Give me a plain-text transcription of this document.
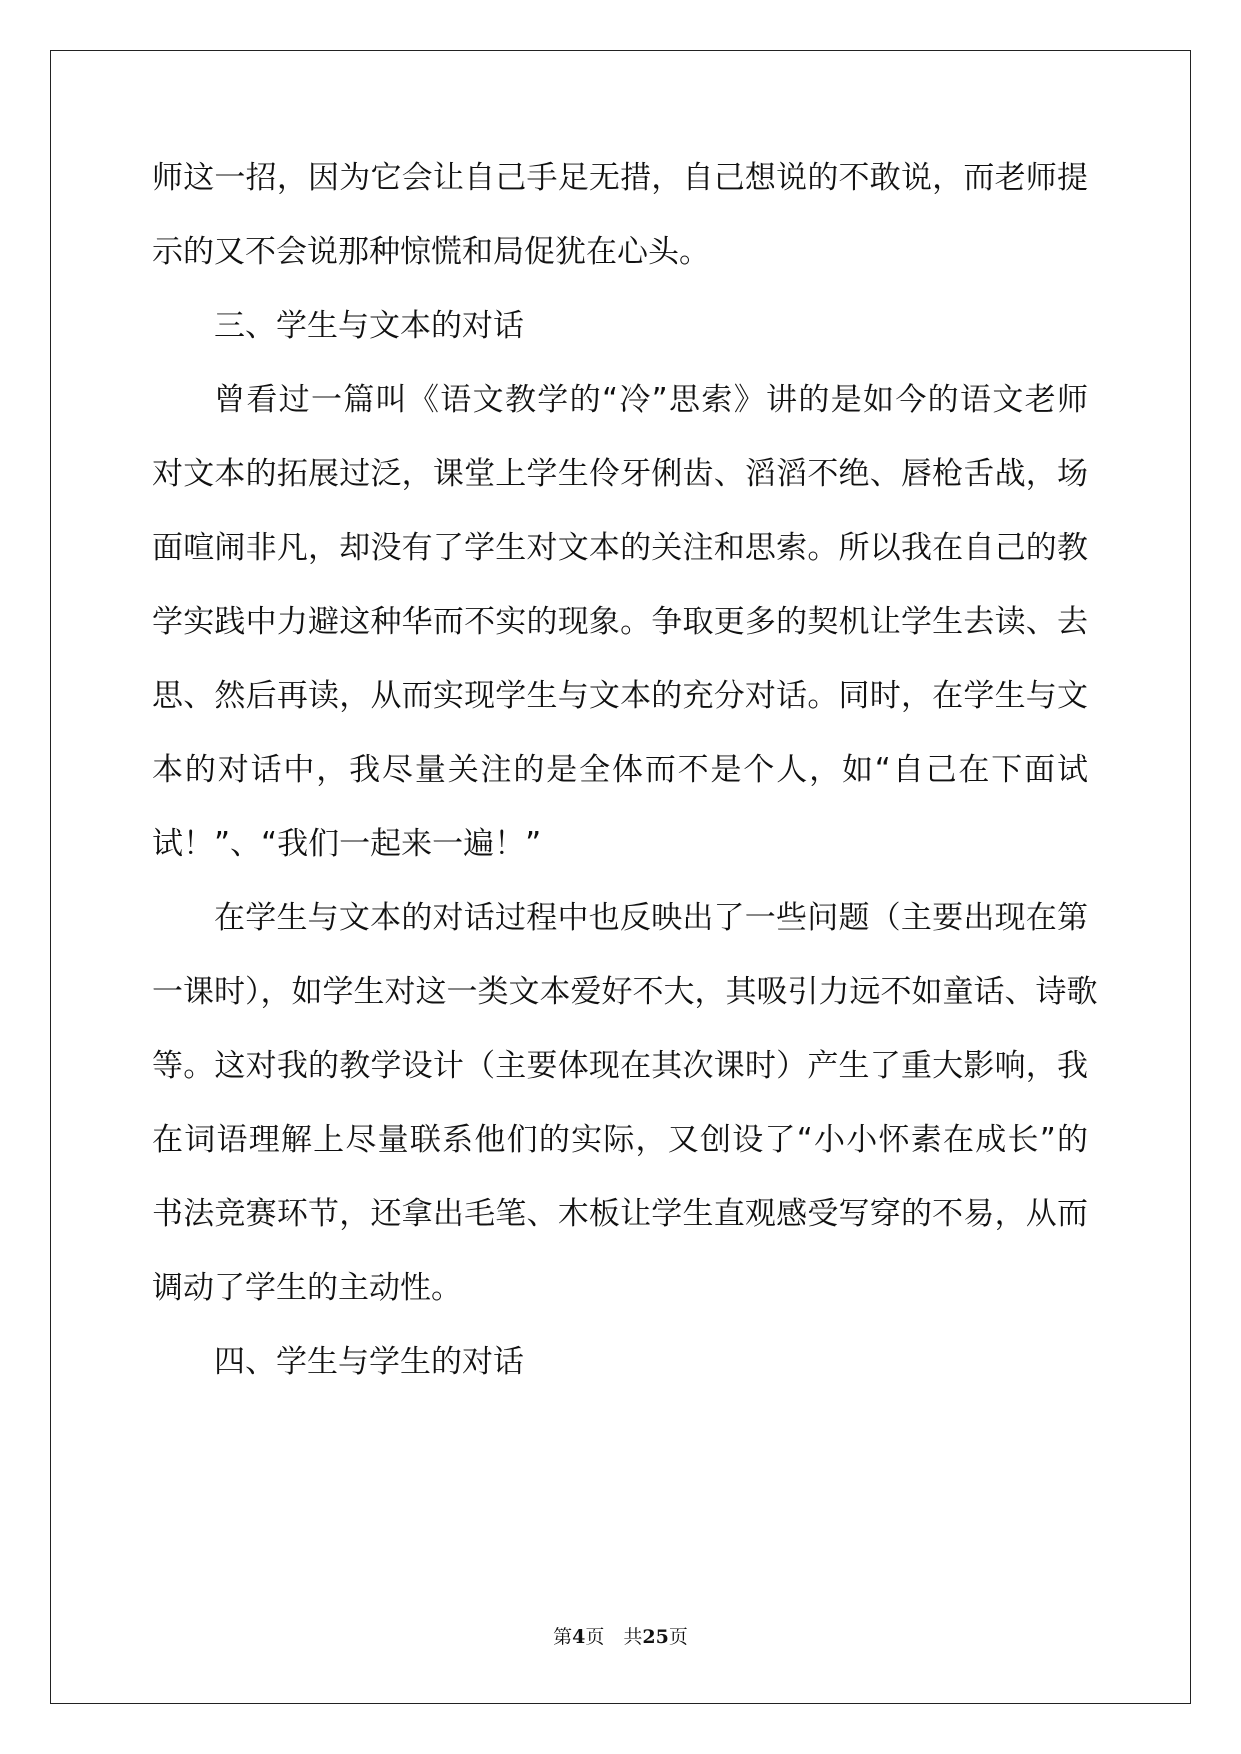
师这一招，因为它会让自己手足无措，自己想说的不敢说，而老师提
示的又不会说那种惊慌和局促犹在心头。
三、学生与文本的对话
曾看过一篇叫《语文教学的“冷”思索》讲的是如今的语文老师
对文本的拓展过泛，课堂上学生伶牙俐齿、滔滔不绝、唇枪舌战，场
面喧闹非凡，却没有了学生对文本的关注和思索。所以我在自己的教
学实践中力避这种华而不实的现象。争取更多的契机让学生去读、去
思、然后再读，从而实现学生与文本的充分对话。同时，在学生与文
本的对话中，我尽量关注的是全体而不是个人，如“自己在下面试
试！”、“我们一起来一遍！”
在学生与文本的对话过程中也反映出了一些问题（主要出现在第
一课时），如学生对这一类文本爱好不大，其吸引力远不如童话、诗歌
等。这对我的教学设计（主要体现在其次课时）产生了重大影响，我
在词语理解上尽量联系他们的实际，又创设了“小小怀素在成长”的
书法竞赛环节，还拿出毛笔、木板让学生直观感受写穿的不易，从而
调动了学生的主动性。
四、学生与学生的对话
第4页　共25页
